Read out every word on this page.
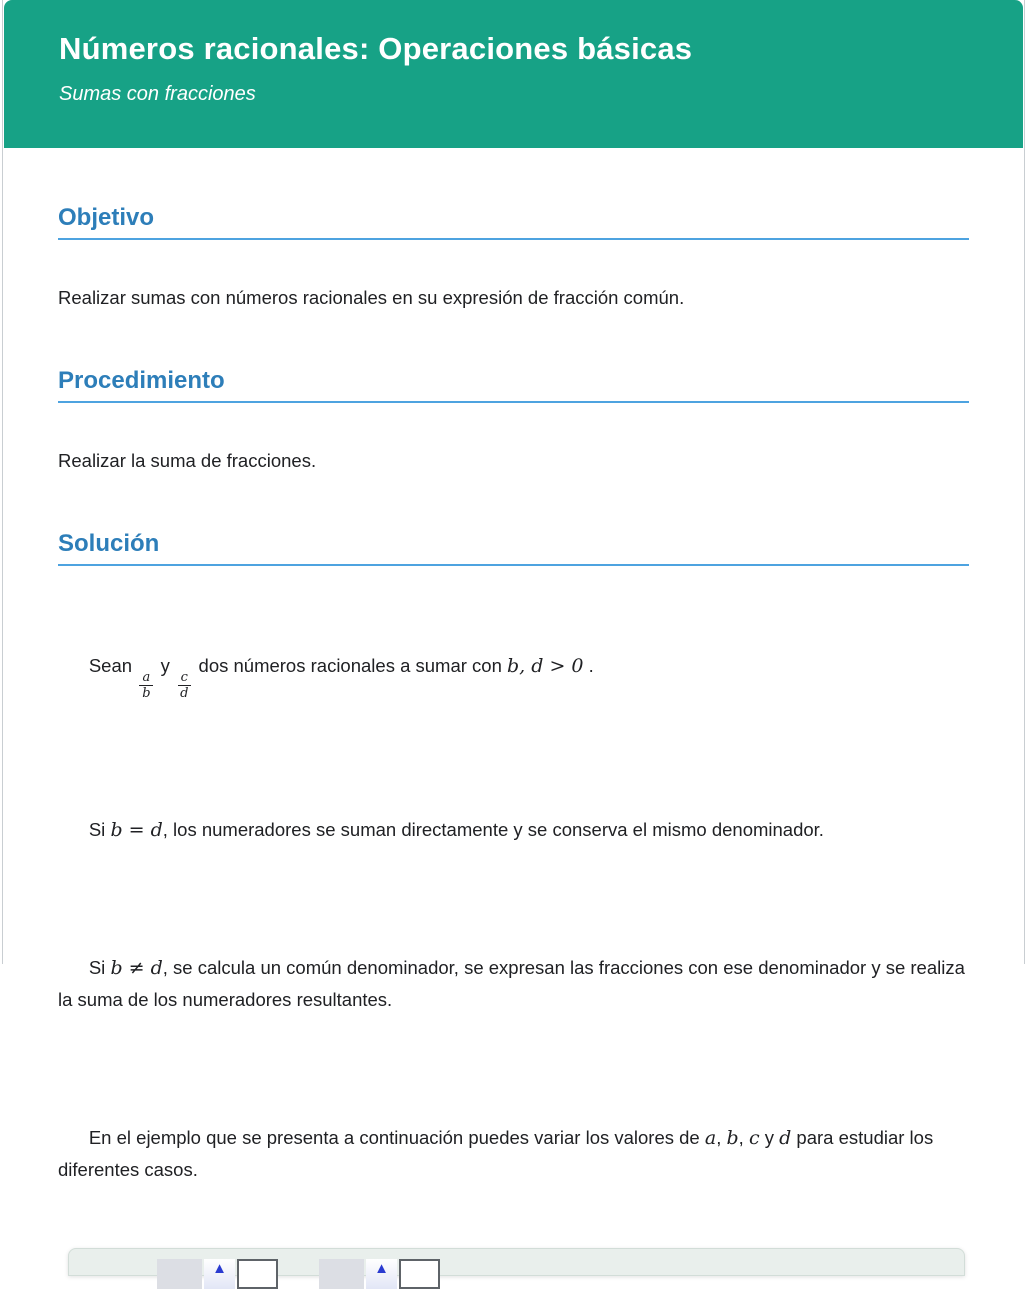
Números racionales: Operaciones básicas

Sumas con fracciones

Objetivo

Realizar sumas con números racionales en su expresión de fracción común.

Procedimiento

Realizar la suma de fracciones.

Solución

Sean
$\frac{a}{b}$
y
$\frac{c}{d}$
dos números racionales a sumar con b, d > 0 .

Si b = d, los numeradores se suman directamente y se conserva el mismo denominador.

Si b ≠ d, se calcula un común denominador, se expresan las fracciones con ese denominador y se realiza la suma de los numeradores resultantes.

En el ejemplo que se presenta a continuación puedes variar los valores de a, b, c y d para estudiar los diferentes casos.

▲	▲
